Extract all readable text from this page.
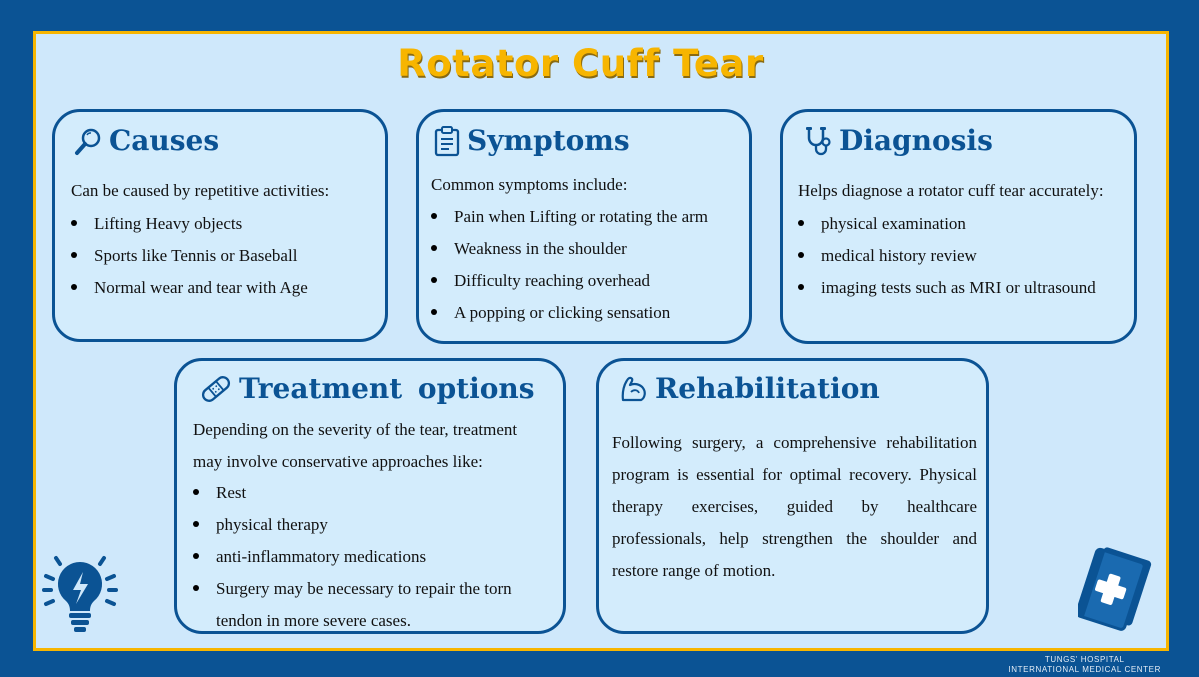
Rotator Cuff Tear
Causes
Can be caused by repetitive activities:
Lifting Heavy objects
Sports like Tennis or Baseball
Normal wear and tear with Age
Symptoms
Common symptoms include:
Pain when Lifting or rotating the arm
Weakness in the shoulder
Difficulty reaching overhead
A popping or clicking sensation
Diagnosis
Helps diagnose a rotator cuff tear accurately:
physical examination
medical history review
imaging tests such as MRI or ultrasound
Treatment options
Depending on the severity of the tear, treatment may involve conservative approaches like:
Rest
physical therapy
anti-inflammatory medications
Surgery may be necessary to repair the torn
tendon in more severe cases.
Rehabilitation
Following surgery, a comprehensive rehabilitation program is essential for optimal recovery. Physical therapy exercises, guided by healthcare professionals, help strengthen the shoulder and restore range of motion.
TUNGS' HOSPITAL
INTERNATIONAL MEDICAL CENTER
